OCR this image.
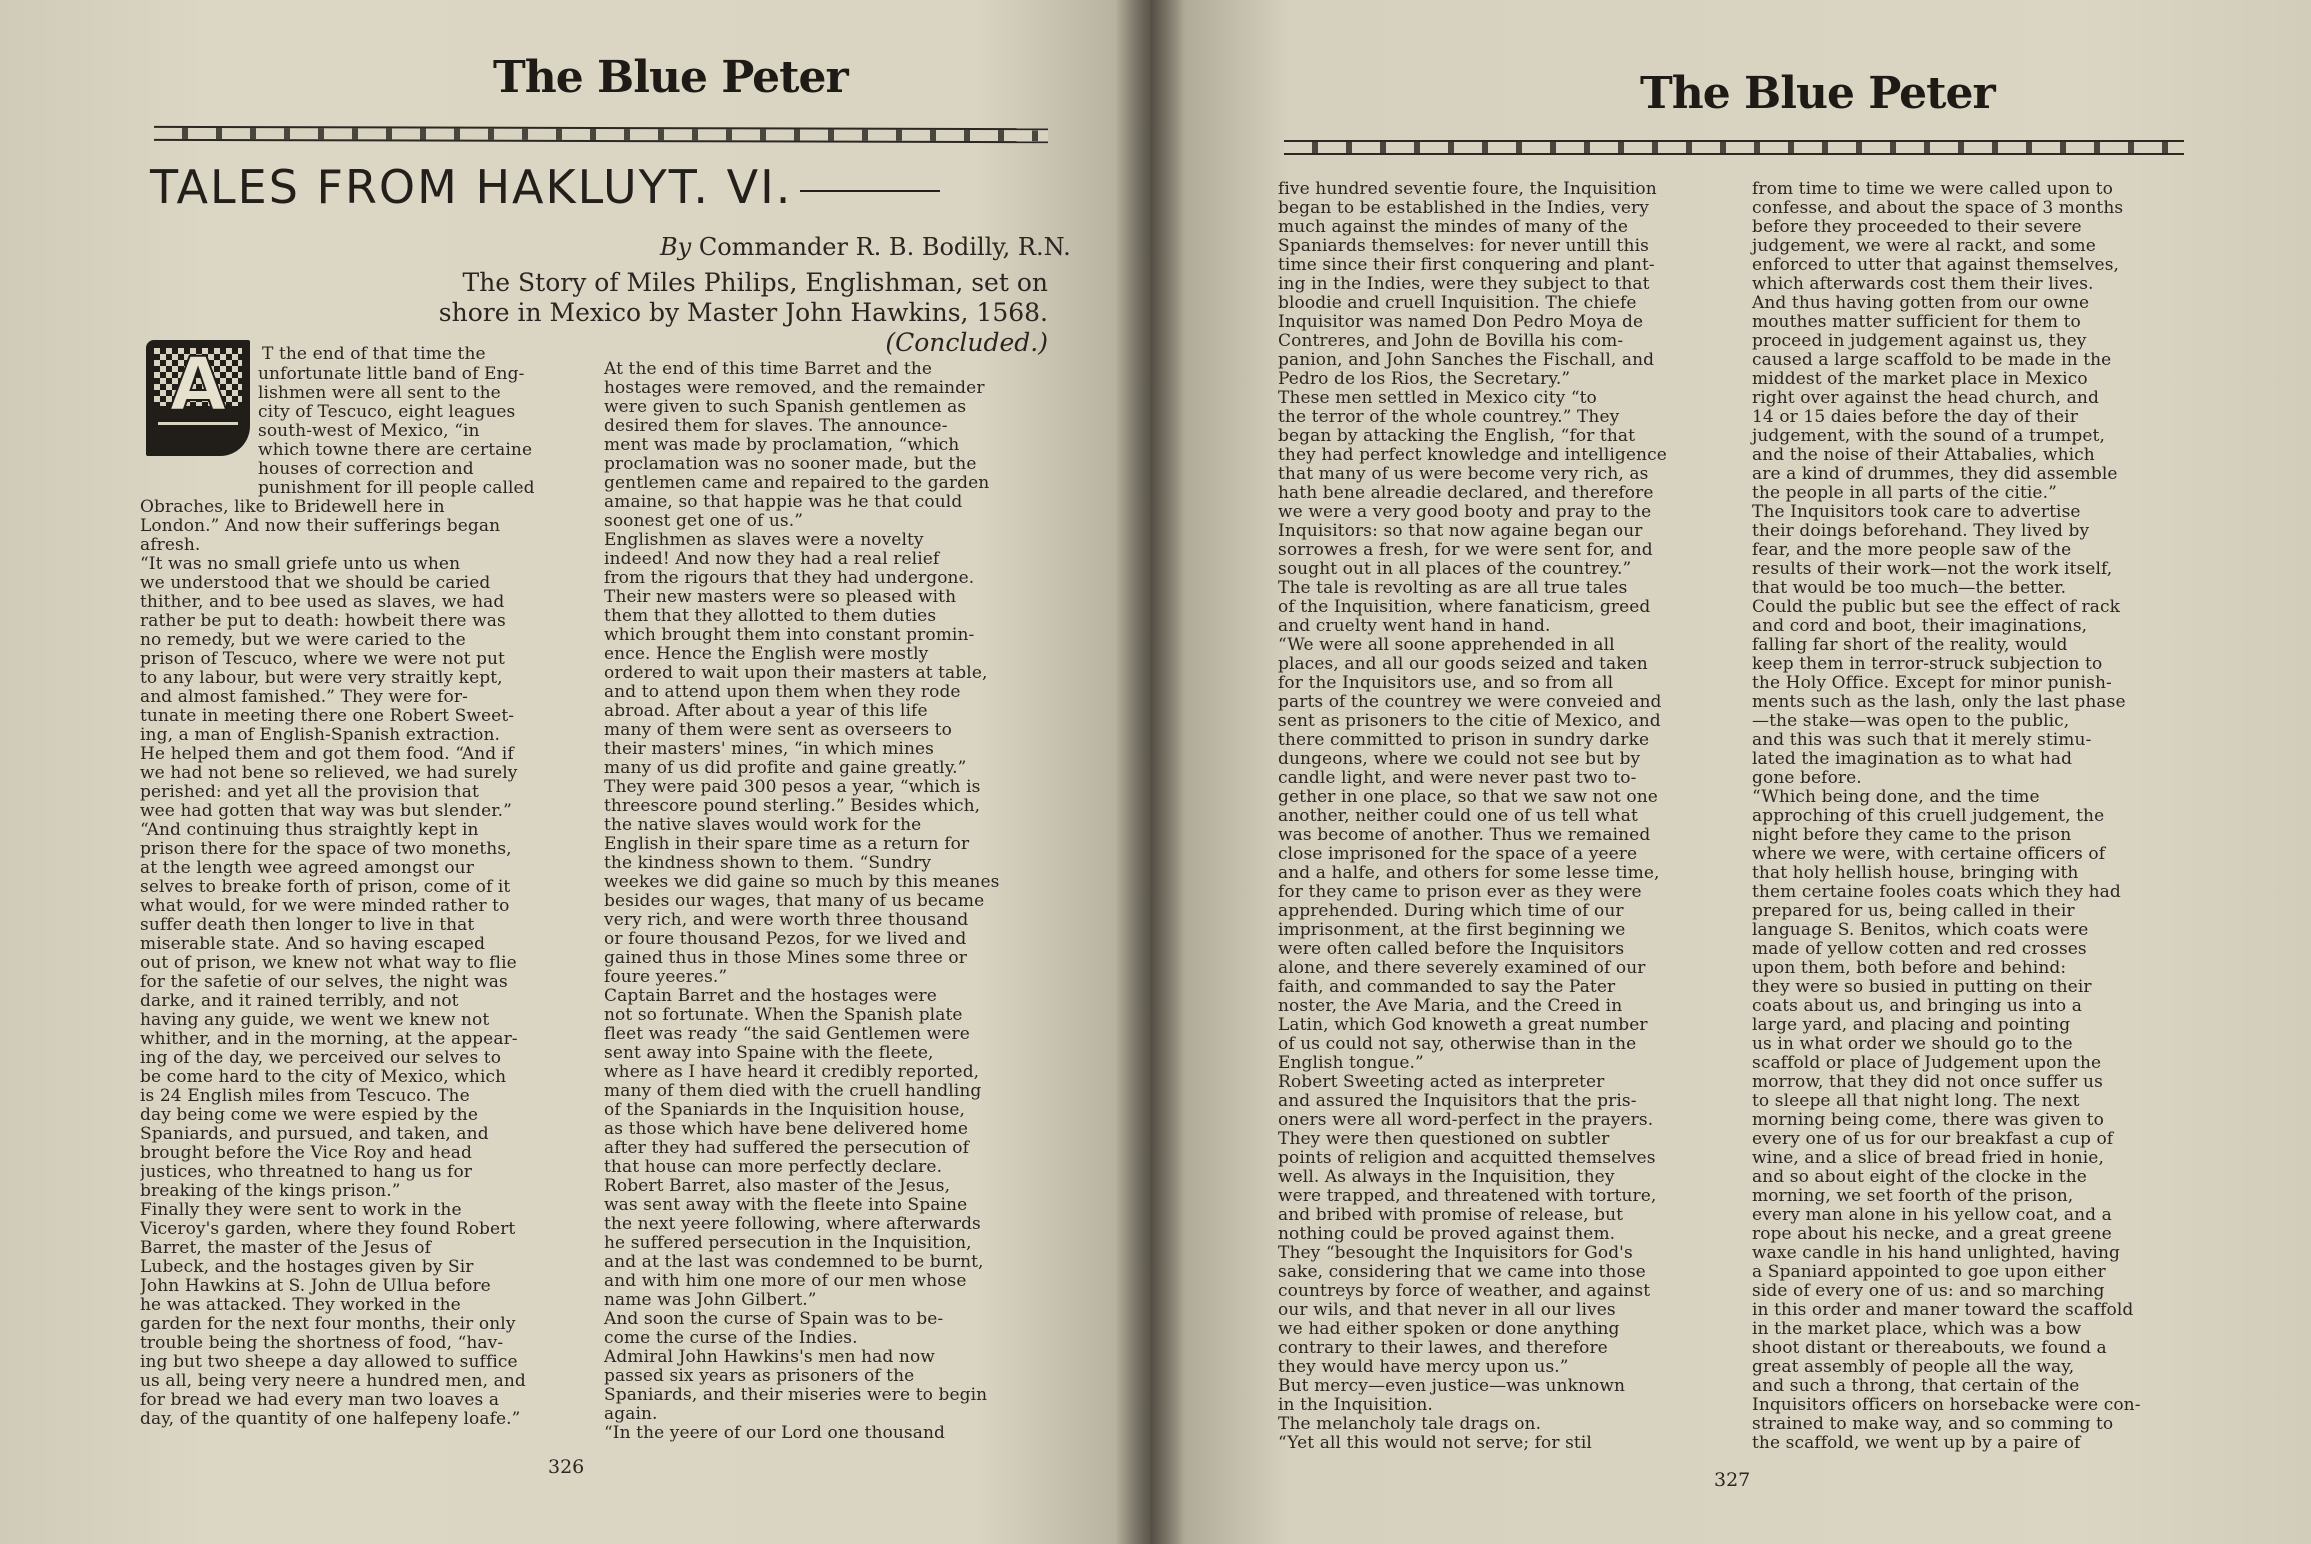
The Blue Peter
TALES FROM HAKLUYT. VI.
By Commander R. B. Bodilly, R.N.
The Story of Miles Philips, Englishman, set on shore in Mexico by Master John Hawkins, 1568. (Concluded.)
A	T the end of that time the
unfortunate little band of Eng-
lishmen were all sent to the
city of Tescuco, eight leagues
south-west of Mexico, “in
which towne there are certaine
houses of correction and
punishment for ill people called
Obraches, like to Bridewell here in
London.” And now their sufferings began
afresh.
“It was no small griefe unto us when
we understood that we should be caried
thither, and to bee used as slaves, we had
rather be put to death: howbeit there was
no remedy, but we were caried to the
prison of Tescuco, where we were not put
to any labour, but were very straitly kept,
and almost famished.” They were for-
tunate in meeting there one Robert Sweet-
ing, a man of English-Spanish extraction.
He helped them and got them food. “And if
we had not bene so relieved, we had surely
perished: and yet all the provision that
wee had gotten that way was but slender.”
“And continuing thus straightly kept in
prison there for the space of two moneths,
at the length wee agreed amongst our
selves to breake forth of prison, come of it
what would, for we were minded rather to
suffer death then longer to live in that
miserable state. And so having escaped
out of prison, we knew not what way to flie
for the safetie of our selves, the night was
darke, and it rained terribly, and not
having any guide, we went we knew not
whither, and in the morning, at the appear-
ing of the day, we perceived our selves to
be come hard to the city of Mexico, which
is 24 English miles from Tescuco. The
day being come we were espied by the
Spaniards, and pursued, and taken, and
brought before the Vice Roy and head
justices, who threatned to hang us for
breaking of the kings prison.”
Finally they were sent to work in the
Viceroy's garden, where they found Robert
Barret, the master of the Jesus of
Lubeck, and the hostages given by Sir
John Hawkins at S. John de Ullua before
he was attacked. They worked in the
garden for the next four months, their only
trouble being the shortness of food, “hav-
ing but two sheepe a day allowed to suffice
us all, being very neere a hundred men, and
for bread we had every man two loaves a
day, of the quantity of one halfepeny loafe.”
At the end of this time Barret and the
hostages were removed, and the remainder
were given to such Spanish gentlemen as
desired them for slaves. The announce-
ment was made by proclamation, “which
proclamation was no sooner made, but the
gentlemen came and repaired to the garden
amaine, so that happie was he that could
soonest get one of us.”
Englishmen as slaves were a novelty
indeed! And now they had a real relief
from the rigours that they had undergone.
Their new masters were so pleased with
them that they allotted to them duties
which brought them into constant promin-
ence. Hence the English were mostly
ordered to wait upon their masters at table,
and to attend upon them when they rode
abroad. After about a year of this life
many of them were sent as overseers to
their masters' mines, “in which mines
many of us did profite and gaine greatly.”
They were paid 300 pesos a year, “which is
threescore pound sterling.” Besides which,
the native slaves would work for the
English in their spare time as a return for
the kindness shown to them. “Sundry
weekes we did gaine so much by this meanes
besides our wages, that many of us became
very rich, and were worth three thousand
or foure thousand Pezos, for we lived and
gained thus in those Mines some three or
foure yeeres.”
Captain Barret and the hostages were
not so fortunate. When the Spanish plate
fleet was ready “the said Gentlemen were
sent away into Spaine with the fleete,
where as I have heard it credibly reported,
many of them died with the cruell handling
of the Spaniards in the Inquisition house,
as those which have bene delivered home
after they had suffered the persecution of
that house can more perfectly declare.
Robert Barret, also master of the Jesus,
was sent away with the fleete into Spaine
the next yeere following, where afterwards
he suffered persecution in the Inquisition,
and at the last was condemned to be burnt,
and with him one more of our men whose
name was John Gilbert.”
And soon the curse of Spain was to be-
come the curse of the Indies.
Admiral John Hawkins's men had now
passed six years as prisoners of the
Spaniards, and their miseries were to begin
again.
“In the yeere of our Lord one thousand
326
The Blue Peter
five hundred seventie foure, the Inquisition
began to be established in the Indies, very
much against the mindes of many of the
Spaniards themselves: for never untill this
time since their first conquering and plant-
ing in the Indies, were they subject to that
bloodie and cruell Inquisition. The chiefe
Inquisitor was named Don Pedro Moya de
Contreres, and John de Bovilla his com-
panion, and John Sanches the Fischall, and
Pedro de los Rios, the Secretary.”
These men settled in Mexico city “to
the terror of the whole countrey.” They
began by attacking the English, “for that
they had perfect knowledge and intelligence
that many of us were become very rich, as
hath bene alreadie declared, and therefore
we were a very good booty and pray to the
Inquisitors: so that now againe began our
sorrowes a fresh, for we were sent for, and
sought out in all places of the countrey.”
The tale is revolting as are all true tales
of the Inquisition, where fanaticism, greed
and cruelty went hand in hand.
“We were all soone apprehended in all
places, and all our goods seized and taken
for the Inquisitors use, and so from all
parts of the countrey we were conveied and
sent as prisoners to the citie of Mexico, and
there committed to prison in sundry darke
dungeons, where we could not see but by
candle light, and were never past two to-
gether in one place, so that we saw not one
another, neither could one of us tell what
was become of another. Thus we remained
close imprisoned for the space of a yeere
and a halfe, and others for some lesse time,
for they came to prison ever as they were
apprehended. During which time of our
imprisonment, at the first beginning we
were often called before the Inquisitors
alone, and there severely examined of our
faith, and commanded to say the Pater
noster, the Ave Maria, and the Creed in
Latin, which God knoweth a great number
of us could not say, otherwise than in the
English tongue.”
Robert Sweeting acted as interpreter
and assured the Inquisitors that the pris-
oners were all word-perfect in the prayers.
They were then questioned on subtler
points of religion and acquitted themselves
well. As always in the Inquisition, they
were trapped, and threatened with torture,
and bribed with promise of release, but
nothing could be proved against them.
They “besought the Inquisitors for God's
sake, considering that we came into those
countreys by force of weather, and against
our wils, and that never in all our lives
we had either spoken or done anything
contrary to their lawes, and therefore
they would have mercy upon us.”
But mercy—even justice—was unknown
in the Inquisition.
The melancholy tale drags on.
“Yet all this would not serve; for stil
from time to time we were called upon to
confesse, and about the space of 3 months
before they proceeded to their severe
judgement, we were al rackt, and some
enforced to utter that against themselves,
which afterwards cost them their lives.
And thus having gotten from our owne
mouthes matter sufficient for them to
proceed in judgement against us, they
caused a large scaffold to be made in the
middest of the market place in Mexico
right over against the head church, and
14 or 15 daies before the day of their
judgement, with the sound of a trumpet,
and the noise of their Attabalies, which
are a kind of drummes, they did assemble
the people in all parts of the citie.”
The Inquisitors took care to advertise
their doings beforehand. They lived by
fear, and the more people saw of the
results of their work—not the work itself,
that would be too much—the better.
Could the public but see the effect of rack
and cord and boot, their imaginations,
falling far short of the reality, would
keep them in terror-struck subjection to
the Holy Office. Except for minor punish-
ments such as the lash, only the last phase
—the stake—was open to the public,
and this was such that it merely stimu-
lated the imagination as to what had
gone before.
“Which being done, and the time
approching of this cruell judgement, the
night before they came to the prison
where we were, with certaine officers of
that holy hellish house, bringing with
them certaine fooles coats which they had
prepared for us, being called in their
language S. Benitos, which coats were
made of yellow cotten and red crosses
upon them, both before and behind:
they were so busied in putting on their
coats about us, and bringing us into a
large yard, and placing and pointing
us in what order we should go to the
scaffold or place of Judgement upon the
morrow, that they did not once suffer us
to sleepe all that night long. The next
morning being come, there was given to
every one of us for our breakfast a cup of
wine, and a slice of bread fried in honie,
and so about eight of the clocke in the
morning, we set foorth of the prison,
every man alone in his yellow coat, and a
rope about his necke, and a great greene
waxe candle in his hand unlighted, having
a Spaniard appointed to goe upon either
side of every one of us: and so marching
in this order and maner toward the scaffold
in the market place, which was a bow
shoot distant or thereabouts, we found a
great assembly of people all the way,
and such a throng, that certain of the
Inquisitors officers on horsebacke were con-
strained to make way, and so comming to
the scaffold, we went up by a paire of
327
